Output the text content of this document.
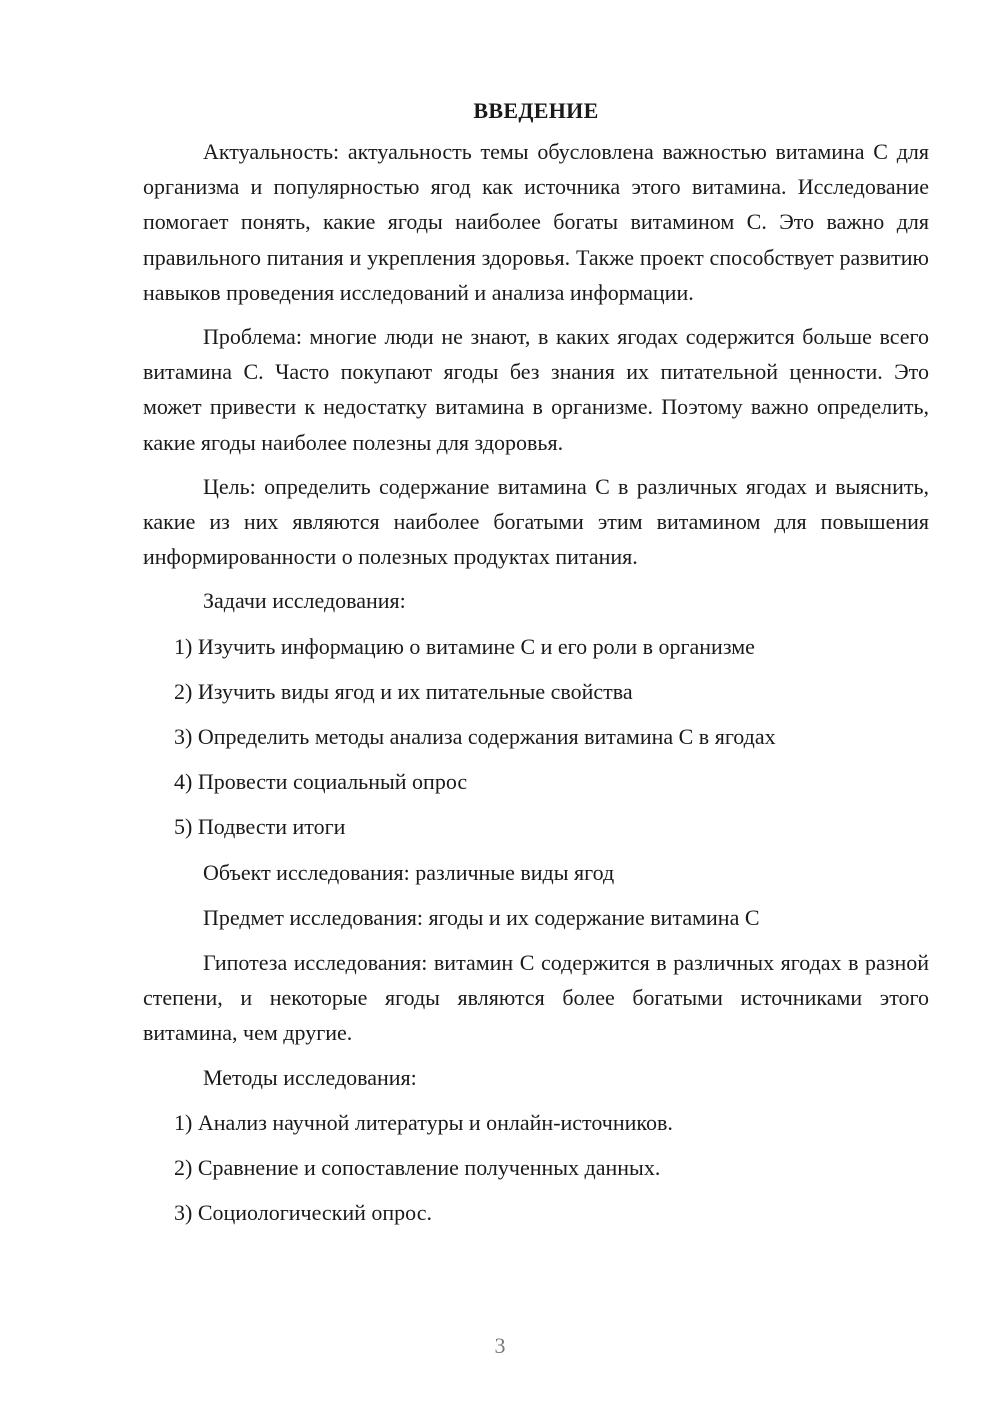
ВВЕДЕНИЕ

Актуальность: актуальность темы обусловлена важностью витамина С для организма и популярностью ягод как источника этого витамина. Исследование помогает понять, какие ягоды наиболее богаты витамином С. Это важно для правильного питания и укрепления здоровья. Также проект способствует развитию навыков проведения исследований и анализа информации.

Проблема: многие люди не знают, в каких ягодах содержится больше всего витамина С. Часто покупают ягоды без знания их питательной ценности. Это может привести к недостатку витамина в организме. Поэтому важно определить, какие ягоды наиболее полезны для здоровья.

Цель: определить содержание витамина С в различных ягодах и выяснить, какие из них являются наиболее богатыми этим витамином для повышения информированности о полезных продуктах питания.

Задачи исследования:
1) Изучить информацию о витамине С и его роли в организме
2) Изучить виды ягод и их питательные свойства
3) Определить методы анализа содержания витамина С в ягодах
4) Провести социальный опрос
5) Подвести итоги
Объект исследования: различные виды ягод
Предмет исследования: ягоды и их содержание витамина С

Гипотеза исследования: витамин С содержится в различных ягодах в разной степени, и некоторые ягоды являются более богатыми источниками этого витамина, чем другие.

Методы исследования:
1) Анализ научной литературы и онлайн-источников.
2) Сравнение и сопоставление полученных данных.
3) Социологический опрос.
3
